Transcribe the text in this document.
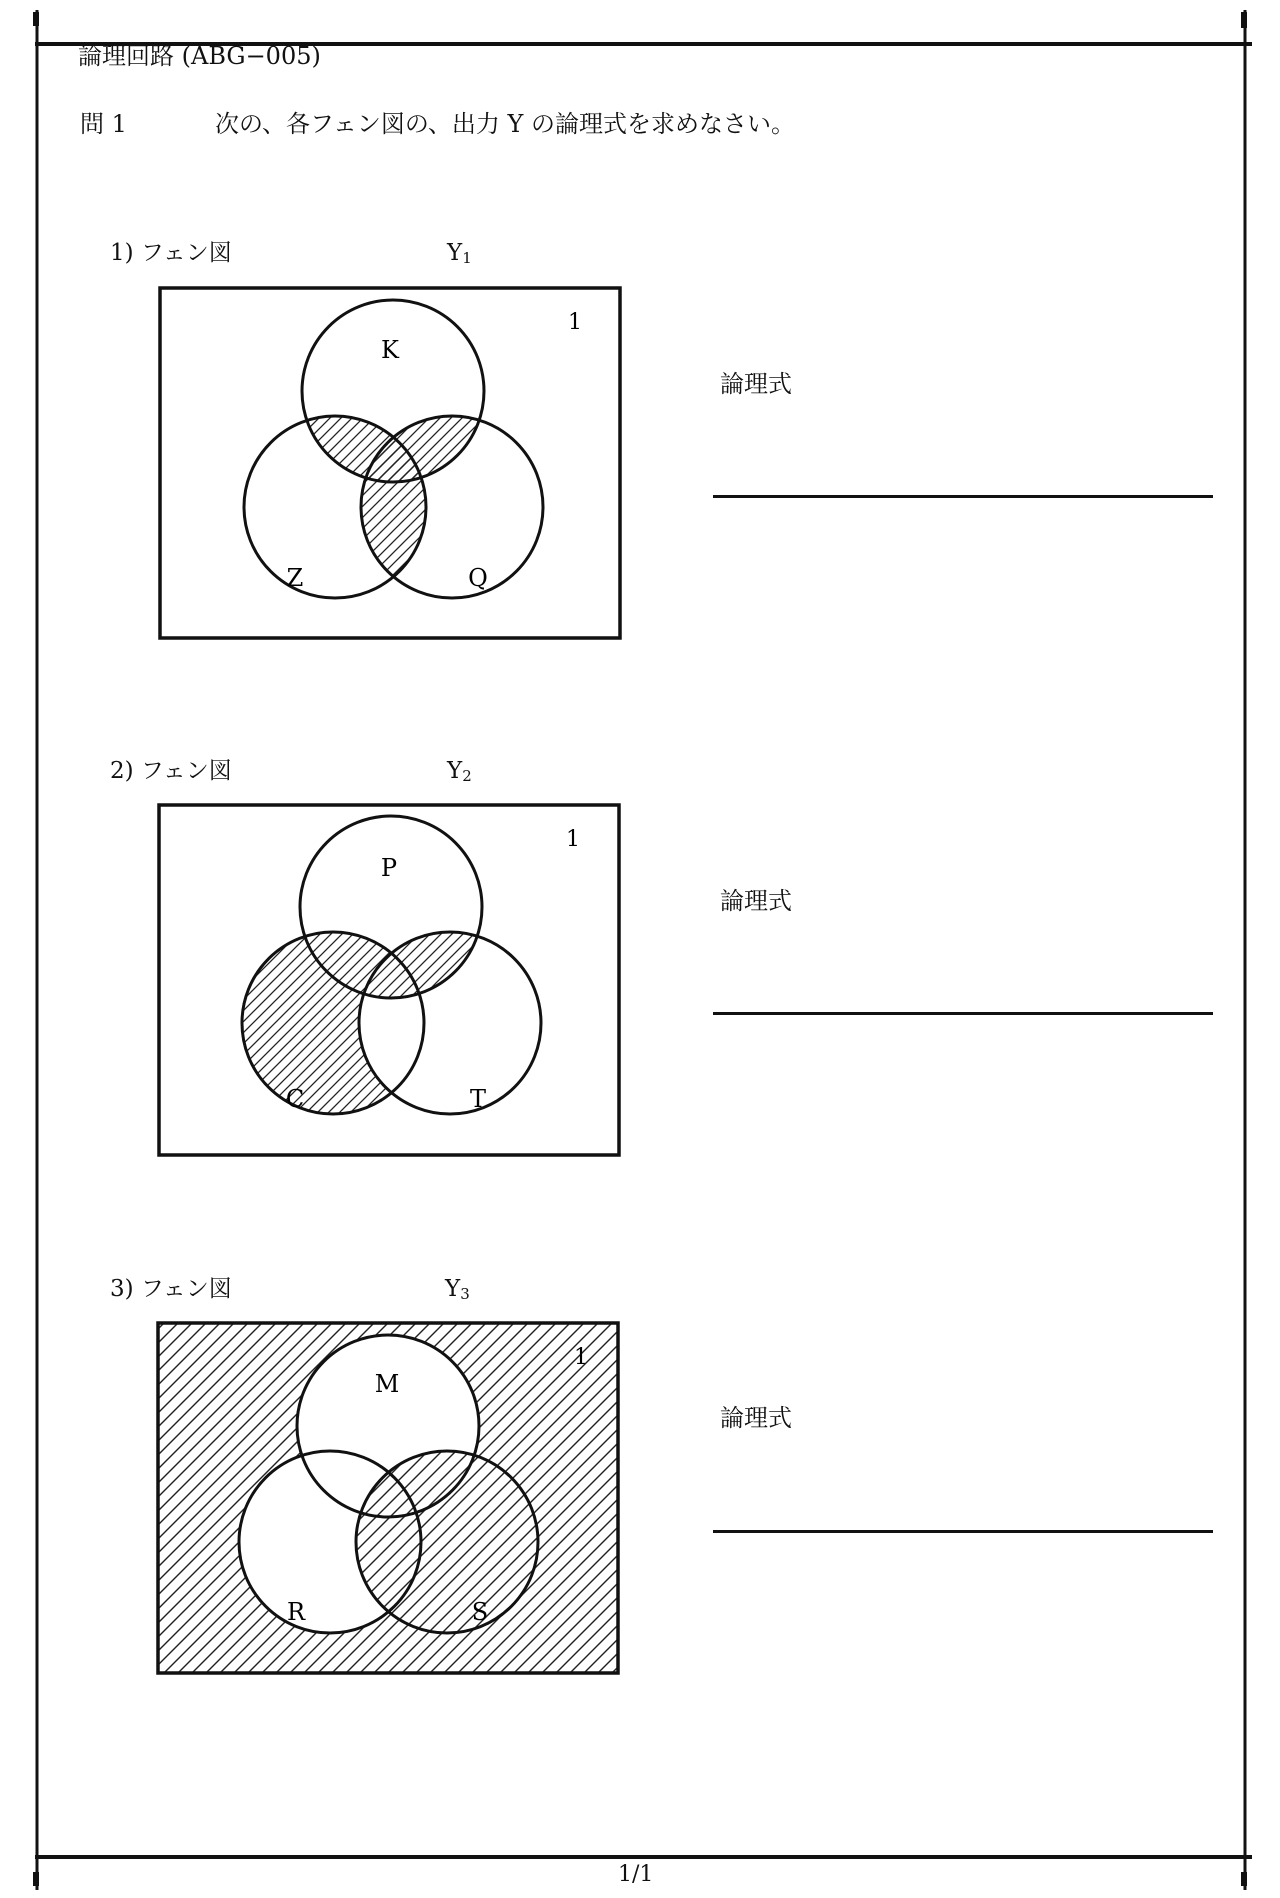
論理回路 (ABG−005)
問 1	次の、各フェン図の、出力 Y の論理式を求めなさい。
1) フェン図	$Y_1$
1
K
Z	Q
論理式
2) フェン図	$Y_2$
1
P
C	T
論理式
3) フェン図	$Y_3$
1
M
R	S
論理式
1/1
